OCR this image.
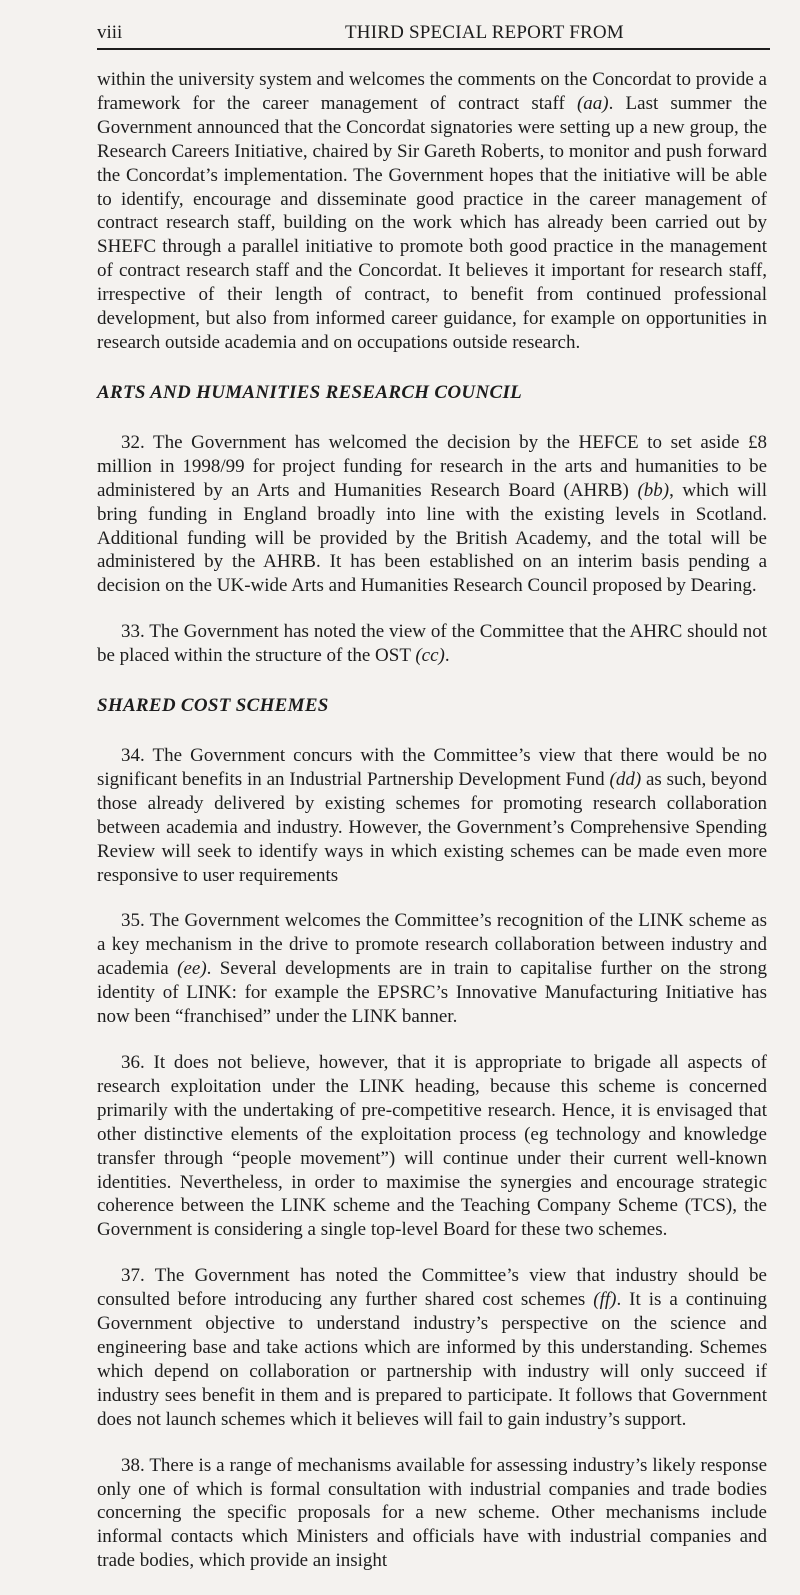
viii	THIRD SPECIAL REPORT FROM

within the university system and welcomes the comments on the Concordat to provide a framework for the career management of contract staff (aa). Last summer the Government announced that the Concordat signatories were setting up a new group, the Research Careers Initiative, chaired by Sir Gareth Roberts, to monitor and push forward the Concordat’s implementation. The Government hopes that the initiative will be able to identify, encourage and disseminate good practice in the career management of contract research staff, building on the work which has already been carried out by SHEFC through a parallel initiative to promote both good practice in the management of contract research staff and the Concordat. It believes it important for research staff, irrespective of their length of contract, to benefit from continued professional development, but also from informed career guidance, for example on opportunities in research outside academia and on occupations outside research.

ARTS AND HUMANITIES RESEARCH COUNCIL

32. The Government has welcomed the decision by the HEFCE to set aside £8 million in 1998/99 for project funding for research in the arts and humanities to be administered by an Arts and Humanities Research Board (AHRB) (bb), which will bring funding in England broadly into line with the existing levels in Scotland. Additional funding will be provided by the British Academy, and the total will be administered by the AHRB. It has been established on an interim basis pending a decision on the UK-wide Arts and Humanities Research Council proposed by Dearing.

33. The Government has noted the view of the Committee that the AHRC should not be placed within the structure of the OST (cc).

SHARED COST SCHEMES

34. The Government concurs with the Committee’s view that there would be no significant benefits in an Industrial Partnership Development Fund (dd) as such, beyond those already delivered by existing schemes for promoting research collaboration between academia and industry. However, the Government’s Comprehensive Spending Review will seek to identify ways in which existing schemes can be made even more responsive to user requirements

35. The Government welcomes the Committee’s recognition of the LINK scheme as a key mechanism in the drive to promote research collaboration between industry and academia (ee). Several developments are in train to capitalise further on the strong identity of LINK: for example the EPSRC’s Innovative Manufacturing Initiative has now been “franchised” under the LINK banner.

36. It does not believe, however, that it is appropriate to brigade all aspects of research exploitation under the LINK heading, because this scheme is concerned primarily with the undertaking of pre-competitive research. Hence, it is envisaged that other distinctive elements of the exploitation process (eg technology and knowledge transfer through “people movement”) will continue under their current well-known identities. Nevertheless, in order to maximise the synergies and encourage strategic coherence between the LINK scheme and the Teaching Company Scheme (TCS), the Government is considering a single top-level Board for these two schemes.

37. The Government has noted the Committee’s view that industry should be consulted before introducing any further shared cost schemes (ff). It is a continuing Government objective to understand industry’s perspective on the science and engineering base and take actions which are informed by this understanding. Schemes which depend on collaboration or partnership with industry will only succeed if industry sees benefit in them and is prepared to participate. It follows that Government does not launch schemes which it believes will fail to gain industry’s support.

38. There is a range of mechanisms available for assessing industry’s likely response only one of which is formal consultation with industrial companies and trade bodies concerning the specific proposals for a new scheme. Other mechanisms include informal contacts which Ministers and officials have with industrial companies and trade bodies, which provide an insight
